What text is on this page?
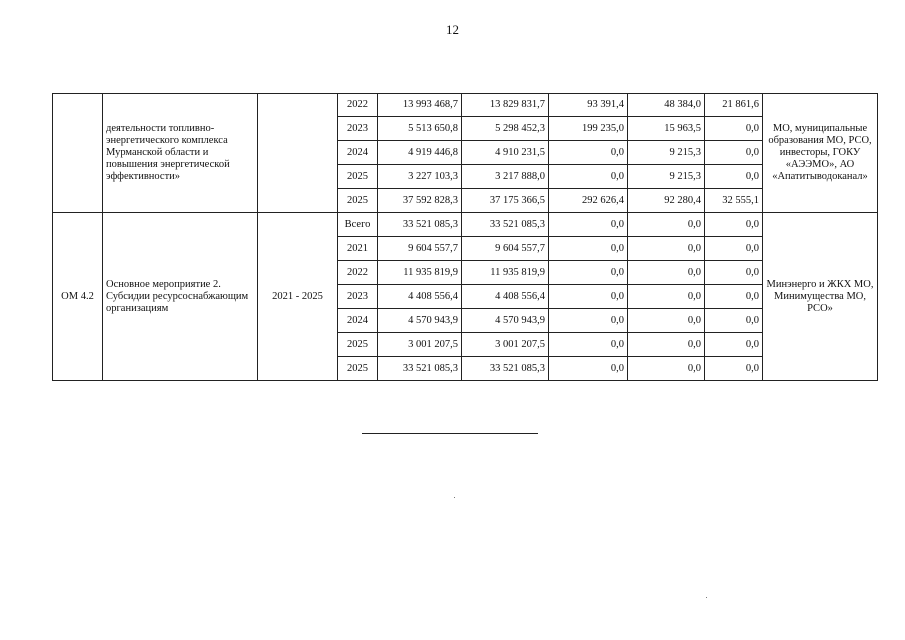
12
	деятельности топливно-энергетического комплекса Мурманской области и повышения энергетической эффективности»		2022	13 993 468,7	13 829 831,7	93 391,4	48 384,0	21 861,6	МО, муниципальные образования МО, РСО, инвесторы, ГОКУ «АЭЭМО», АО «Апатитыводоканал»
			2023	5 513 650,8	5 298 452,3	199 235,0	15 963,5	0,0	
			2024	4 919 446,8	4 910 231,5	0,0	9 215,3	0,0	
			2025	3 227 103,3	3 217 888,0	0,0	9 215,3	0,0	
			2025	37 592 828,3	37 175 366,5	292 626,4	92 280,4	32 555,1	
ОМ 4.2	Основное мероприятие 2. Субсидии ресурсоснабжающим организациям	2021 - 2025	Всего	33 521 085,3	33 521 085,3	0,0	0,0	0,0	Минэнерго и ЖКХ МО, Минимущества МО, РСО»
			2021	9 604 557,7	9 604 557,7	0,0	0,0	0,0	
			2022	11 935 819,9	11 935 819,9	0,0	0,0	0,0	
			2023	4 408 556,4	4 408 556,4	0,0	0,0	0,0	
			2024	4 570 943,9	4 570 943,9	0,0	0,0	0,0	
			2025	3 001 207,5	3 001 207,5	0,0	0,0	0,0	
			2025	33 521 085,3	33 521 085,3	0,0	0,0	0,0	
